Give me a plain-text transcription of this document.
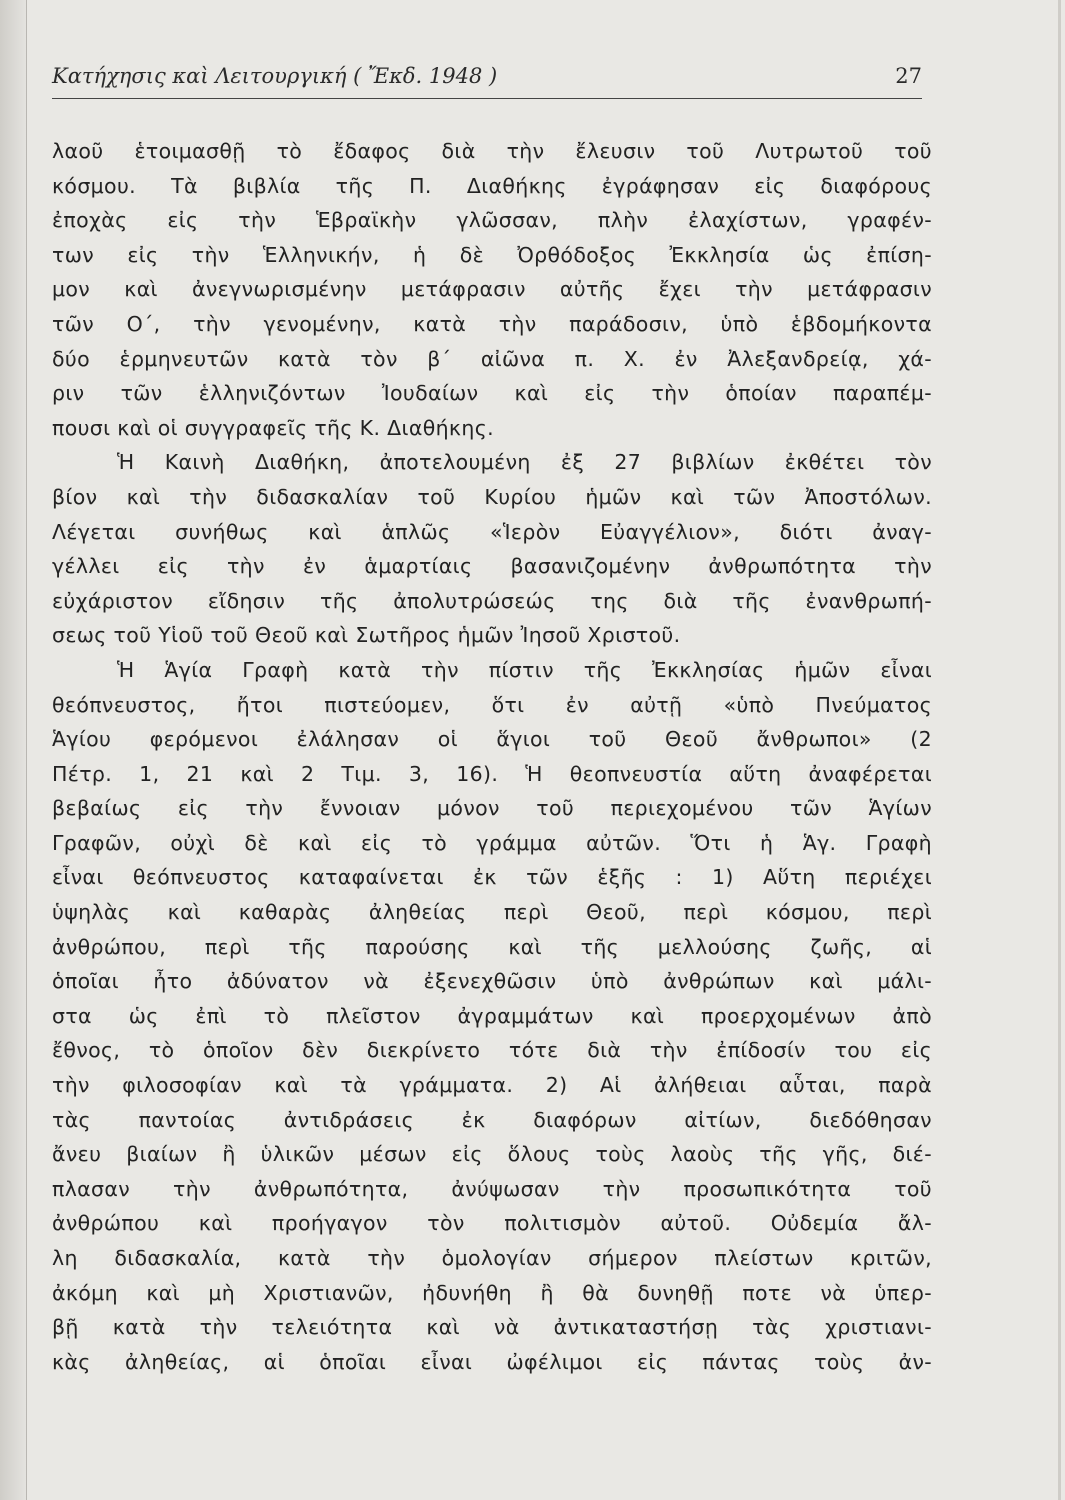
Κατήχησις καὶ Λειτουργική ( Ἔκδ. 1948 )	27
λαοῦ ἑτοιμασθῇ τὸ ἔδαφος διὰ τὴν ἔλευσιν τοῦ Λυτρωτοῦ τοῦ
κόσμου. Τὰ βιβλία τῆς Π. Διαθήκης ἐγράφησαν εἰς διαφόρους
ἐποχὰς εἰς τὴν Ἑβραϊκὴν γλῶσσαν, πλὴν ἐλαχίστων, γραφέν-
των εἰς τὴν Ἑλληνικήν, ἡ δὲ Ὀρθόδοξος Ἐκκλησία ὡς ἐπίση-
μον καὶ ἀνεγνωρισμένην μετάφρασιν αὐτῆς ἔχει τὴν μετάφρασιν
τῶν Ο΄, τὴν γενομένην, κατὰ τὴν παράδοσιν, ὑπὸ ἑβδομήκοντα
δύο ἑρμηνευτῶν κατὰ τὸν β΄ αἰῶνα π. Χ. ἐν Ἀλεξανδρείᾳ, χά-
ριν τῶν ἑλληνιζόντων Ἰουδαίων καὶ εἰς τὴν ὁποίαν παραπέμ-
πουσι καὶ οἱ συγγραφεῖς τῆς Κ. Διαθήκης.
Ἡ Καινὴ Διαθήκη, ἀποτελουμένη ἐξ 27 βιβλίων ἐκθέτει τὸν
βίον καὶ τὴν διδασκαλίαν τοῦ Κυρίου ἡμῶν καὶ τῶν Ἀποστόλων.
Λέγεται συνήθως καὶ ἁπλῶς «Ἱερὸν Εὐαγγέλιον», διότι ἀναγ-
γέλλει εἰς τὴν ἐν ἁμαρτίαις βασανιζομένην ἀνθρωπότητα τὴν
εὐχάριστον εἴδησιν τῆς ἀπολυτρώσεώς της διὰ τῆς ἐνανθρωπή-
σεως τοῦ Υἱοῦ τοῦ Θεοῦ καὶ Σωτῆρος ἡμῶν Ἰησοῦ Χριστοῦ.
Ἡ Ἁγία Γραφὴ κατὰ τὴν πίστιν τῆς Ἐκκλησίας ἡμῶν εἶναι
θεόπνευστος, ἤτοι πιστεύομεν, ὅτι ἐν αὐτῇ «ὑπὸ Πνεύματος
Ἁγίου φερόμενοι ἐλάλησαν οἱ ἅγιοι τοῦ Θεοῦ ἄνθρωποι» (2
Πέτρ. 1, 21 καὶ 2 Τιμ. 3, 16). Ἡ θεοπνευστία αὕτη ἀναφέρεται
βεβαίως εἰς τὴν ἔννοιαν μόνον τοῦ περιεχομένου τῶν Ἁγίων
Γραφῶν, οὐχὶ δὲ καὶ εἰς τὸ γράμμα αὐτῶν. Ὅτι ἡ Ἁγ. Γραφὴ
εἶναι θεόπνευστος καταφαίνεται ἐκ τῶν ἑξῆς : 1) Αὕτη περιέχει
ὑψηλὰς καὶ καθαρὰς ἀληθείας περὶ Θεοῦ, περὶ κόσμου, περὶ
ἀνθρώπου, περὶ τῆς παρούσης καὶ τῆς μελλούσης ζωῆς, αἱ
ὁποῖαι ἦτο ἀδύνατον νὰ ἐξενεχθῶσιν ὑπὸ ἀνθρώπων καὶ μάλι-
στα ὡς ἐπὶ τὸ πλεῖστον ἀγραμμάτων καὶ προερχομένων ἀπὸ
ἔθνος, τὸ ὁποῖον δὲν διεκρίνετο τότε διὰ τὴν ἐπίδοσίν του εἰς
τὴν φιλοσοφίαν καὶ τὰ γράμματα. 2) Αἱ ἀλήθειαι αὗται, παρὰ
τὰς παντοίας ἀντιδράσεις ἐκ διαφόρων αἰτίων, διεδόθησαν
ἄνευ βιαίων ἢ ὑλικῶν μέσων εἰς ὅλους τοὺς λαοὺς τῆς γῆς, διέ-
πλασαν τὴν ἀνθρωπότητα, ἀνύψωσαν τὴν προσωπικότητα τοῦ
ἀνθρώπου καὶ προήγαγον τὸν πολιτισμὸν αὐτοῦ. Οὐδεμία ἄλ-
λη διδασκαλία, κατὰ τὴν ὁμολογίαν σήμερον πλείστων κριτῶν,
ἀκόμη καὶ μὴ Χριστιανῶν, ἠδυνήθη ἢ θὰ δυνηθῇ ποτε νὰ ὑπερ-
βῇ κατὰ τὴν τελειότητα καὶ νὰ ἀντικαταστήσῃ τὰς χριστιανι-
κὰς ἀληθείας, αἱ ὁποῖαι εἶναι ὠφέλιμοι εἰς πάντας τοὺς ἀν-
